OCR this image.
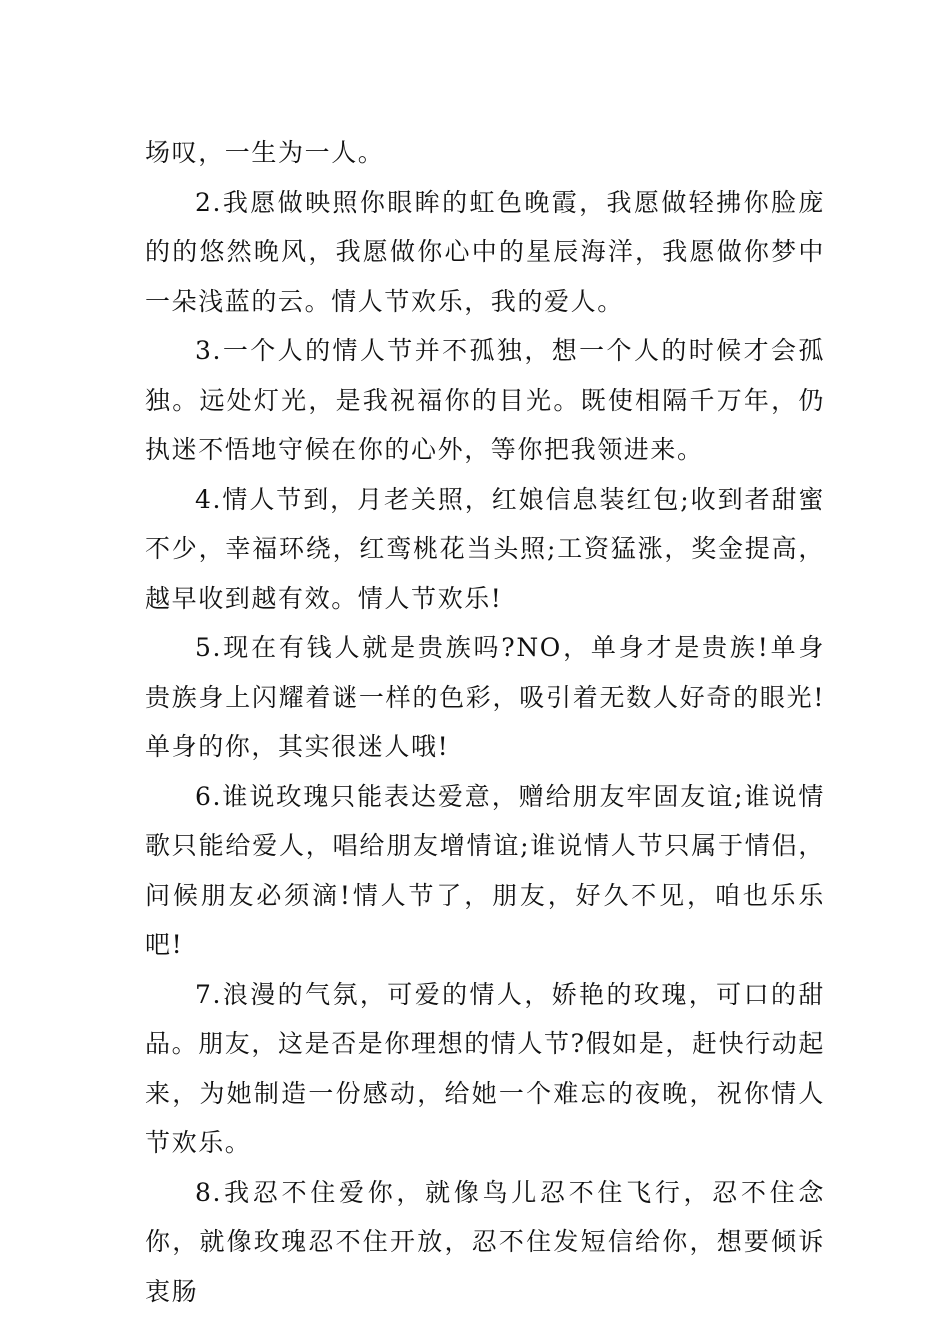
场叹，一生为一人。

2.我愿做映照你眼眸的虹色晚霞，我愿做轻拂你脸庞的的悠然晚风，我愿做你心中的星辰海洋，我愿做你梦中一朵浅蓝的云。情人节欢乐，我的爱人。

3.一个人的情人节并不孤独，想一个人的时候才会孤独。远处灯光，是我祝福你的目光。既使相隔千万年，仍执迷不悟地守候在你的心外，等你把我领进来。

4.情人节到，月老关照，红娘信息装红包;收到者甜蜜不少，幸福环绕，红鸾桃花当头照;工资猛涨，奖金提高，越早收到越有效。情人节欢乐!

5.现在有钱人就是贵族吗?NO，单身才是贵族!单身贵族身上闪耀着谜一样的色彩，吸引着无数人好奇的眼光!单身的你，其实很迷人哦!

6.谁说玫瑰只能表达爱意，赠给朋友牢固友谊;谁说情歌只能给爱人，唱给朋友增情谊;谁说情人节只属于情侣，问候朋友必须滴!情人节了，朋友，好久不见，咱也乐乐吧!

7.浪漫的气氛，可爱的情人，娇艳的玫瑰，可口的甜品。朋友，这是否是你理想的情人节?假如是，赶快行动起来，为她制造一份感动，给她一个难忘的夜晚，祝你情人节欢乐。

8.我忍不住爱你，就像鸟儿忍不住飞行，忍不住念你，就像玫瑰忍不住开放，忍不住发短信给你，想要倾诉衷肠
